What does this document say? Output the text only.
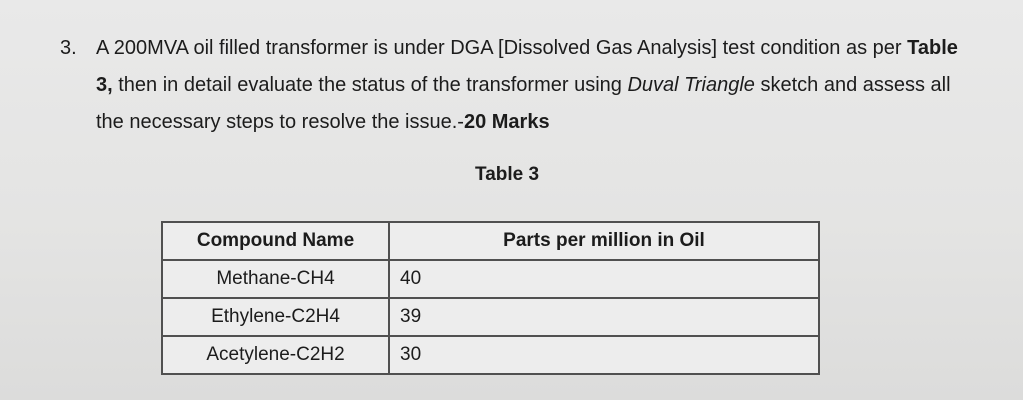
3. A 200MVA oil filled transformer is under DGA [Dissolved Gas Analysis] test condition as per Table 3, then in detail evaluate the status of the transformer using Duval Triangle sketch and assess all the necessary steps to resolve the issue.-20 Marks
Table 3
Compound Name	Parts per million in Oil
Methane-CH4	40
Ethylene-C2H4	39
Acetylene-C2H2	30
